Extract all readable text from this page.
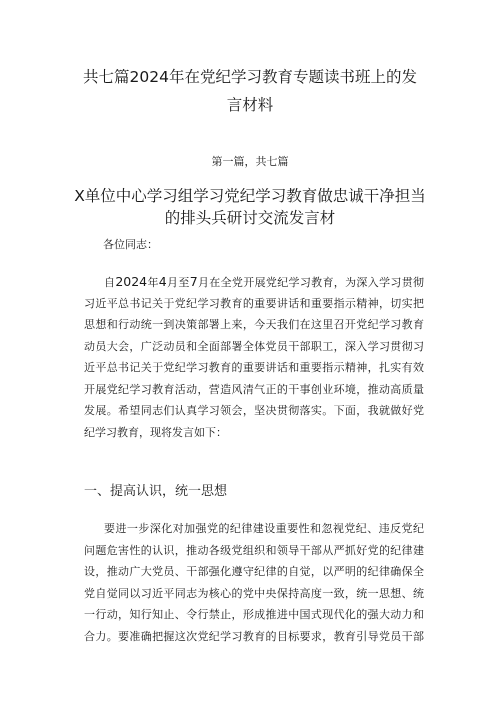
共七篇2024年在党纪学习教育专题读书班上的发
言材料
第一篇，共七篇
X单位中心学习组学习党纪学习教育做忠诚干净担当
的排头兵研讨交流发言材
各位同志：
自2024年4月至7月在全党开展党纪学习教育，为深入学习贯彻
习近平总书记关于党纪学习教育的重要讲话和重要指示精神，切实把
思想和行动统一到决策部署上来，今天我们在这里召开党纪学习教育
动员大会，广泛动员和全面部署全体党员干部职工，深入学习贯彻习
近平总书记关于党纪学习教育的重要讲话和重要指示精神，扎实有效
开展党纪学习教育活动，营造风清气正的干事创业环境，推动高质量
发展。希望同志们认真学习领会，坚决贯彻落实。下面，我就做好党
纪学习教育，现将发言如下：
一、提高认识，统一思想
要进一步深化对加强党的纪律建设重要性和忽视党纪、违反党纪
问题危害性的认识，推动各级党组织和领导干部从严抓好党的纪律建
设，推动广大党员、干部强化遵守纪律的自觉，以严明的纪律确保全
党自觉同以习近平同志为核心的党中央保持高度一致，统一思想、统
一行动，知行知止、令行禁止，形成推进中国式现代化的强大动力和
合力。要准确把握这次党纪学习教育的目标要求，教育引导党员干部
